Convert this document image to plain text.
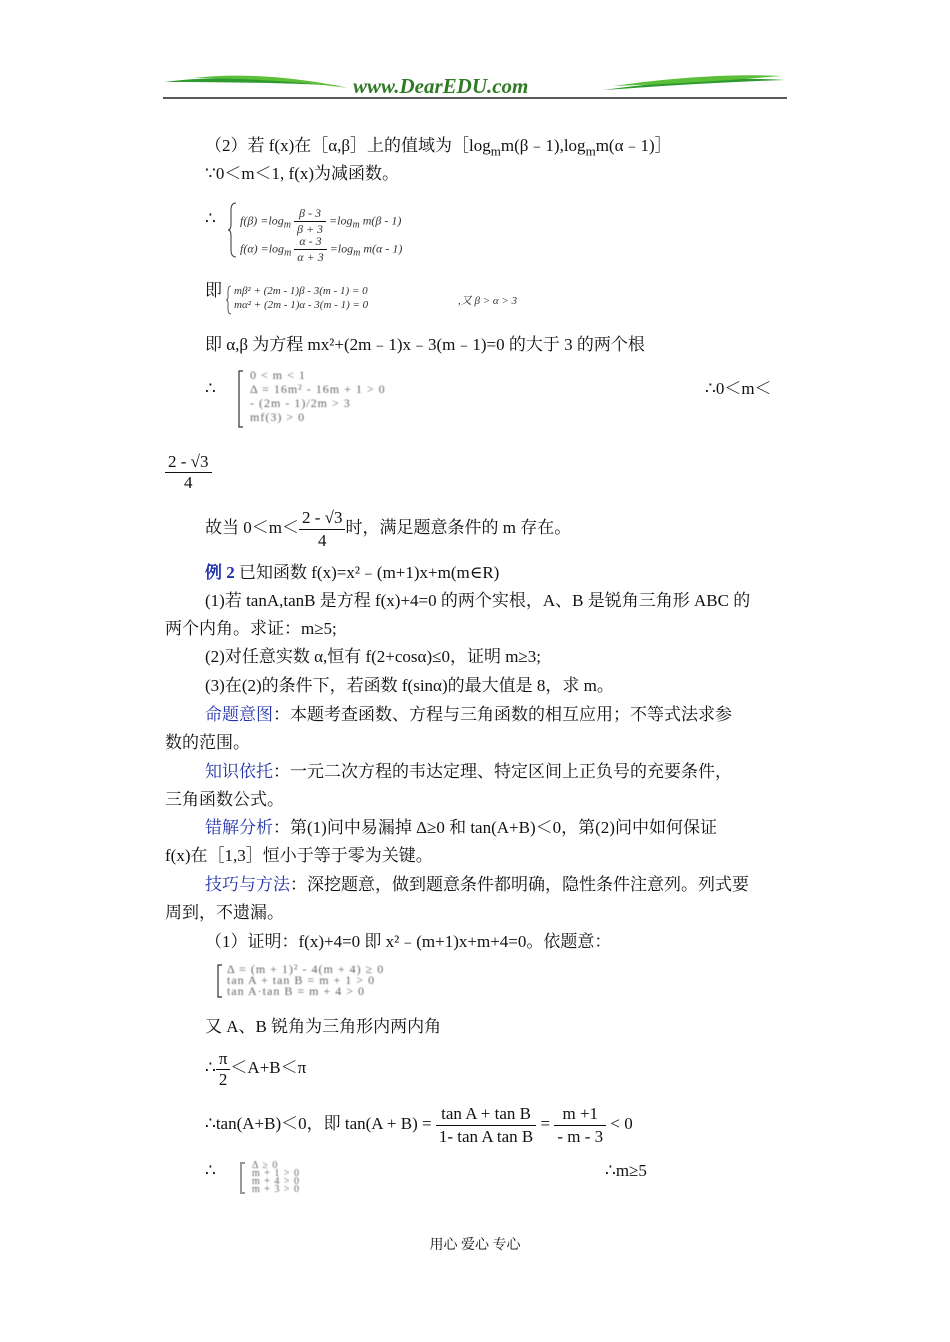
www.DearEDU.com
（2）若 f(x)在［α,β］上的值域为$[\log_mm(\beta﹣1),\log_mm(\alpha﹣1)]$
∵0＜m＜1, f(x)为减函数。
∴ $f(\beta) =\log_m \frac{\beta - 3}{\beta + 3} =\log_m$ m(β - 1)
$f(\alpha) =\log_m \frac{\alpha - 3}{\alpha + 3} =\log_m$ m(α - 1)
即 mβ² + (2m - 1)β - 3(m - 1) = 0
mα² + (2m - 1)α - 3(m - 1) = 0	,又 β > α > 3
即 α,β 为方程 mx²+(2m﹣1)x﹣3(m﹣1)=0 的大于 3 的两个根
∴
0 < m < 1
Δ = 16m² - 16m + 1 > 0
- (2m - 1)/2m > 3
mf(3) > 0
∴0＜m＜
$\frac{2 - √3}{4}$
故当 $0<m< \frac{2 - √3}{4}$ 时，满足题意条件的 m 存在。
例 2 已知函数 f(x)=x²﹣(m+1)x+m(m∈R)
(1)若 tanA,tanB 是方程 f(x)+4=0 的两个实根，A、B 是锐角三角形 ABC 的
两个内角。求证：m≥5;
(2)对任意实数 α,恒有 f(2+cosα)≤0，证明 m≥3;
(3)在(2)的条件下，若函数 f(sinα)的最大值是 8，求 m。
命题意图：本题考查函数、方程与三角函数的相互应用；不等式法求参
数的范围。
知识依托：一元二次方程的韦达定理、特定区间上正负号的充要条件，
三角函数公式。
错解分析：第(1)问中易漏掉 Δ≥0 和 tan(A+B)＜0，第(2)问中如何保证
f(x)在［1,3］恒小于等于零为关键。
技巧与方法：深挖题意，做到题意条件都明确，隐性条件注意列。列式要
周到，不遗漏。
（1）证明：f(x)+4=0 即 x²﹣(m+1)x+m+4=0。依题意：
Δ = (m + 1)² - 4(m + 4) ≥ 0
tan A + tan B = m + 1 > 0
tan A·tan B = m + 4 > 0
又 A、B 锐角为三角形内两内角
∴ $\frac{\pi}{2} <A+B<\pi$
∴tan(A+B)＜0，即 $\tan(A + B) = \frac{\text{tan A + tan B}}{\text{1- tan A tan B}} = \frac{m +1}{- m - 3} < 0$
∴	Δ ≥ 0
m + 1 > 0
m + 4 > 0
m + 3 > 0
∴m≥5
用心 爱心 专心
